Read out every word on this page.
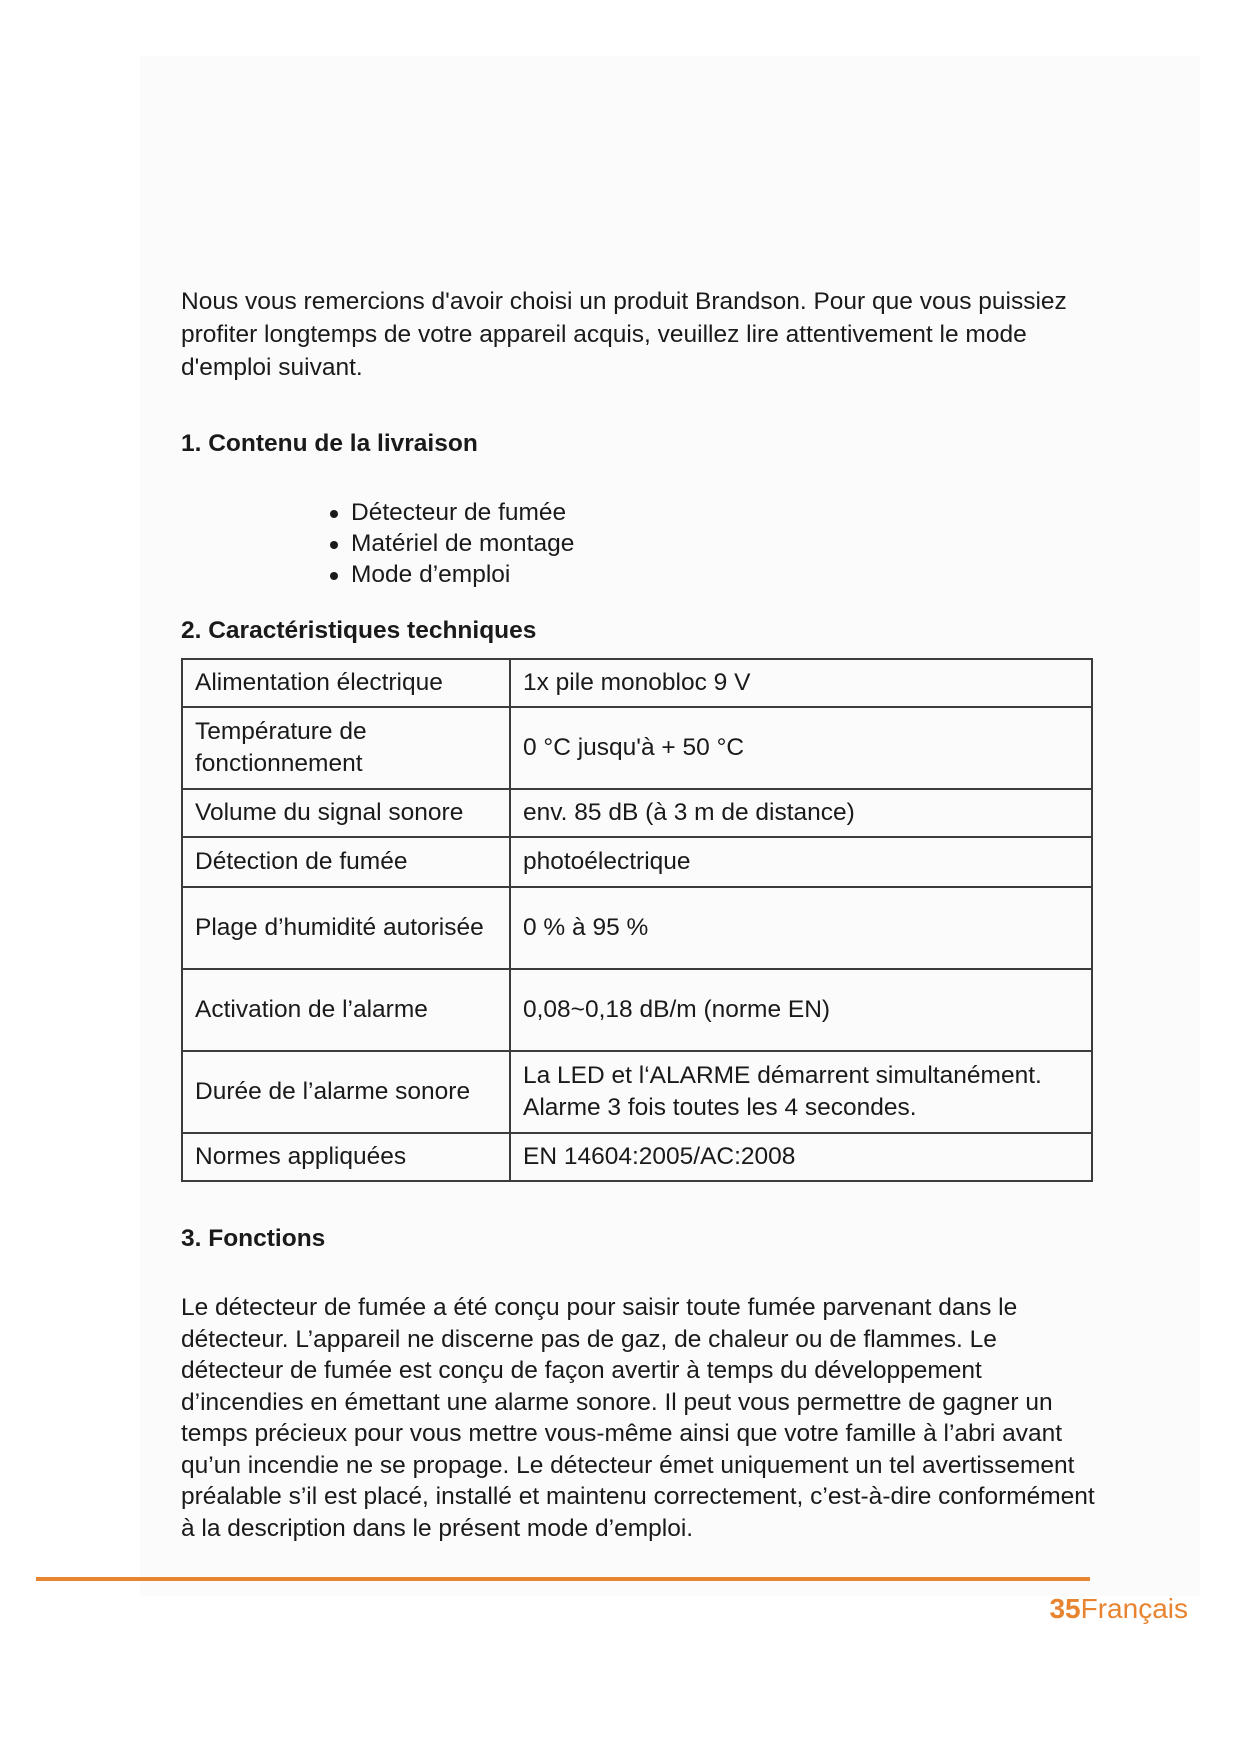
Nous vous remercions d'avoir choisi un produit Brandson. Pour que vous puissiez profiter longtemps de votre appareil acquis, veuillez lire attentivement le mode d'emploi suivant.

1. Contenu de la livraison
Détecteur de fumée
Matériel de montage
Mode d’emploi
2. Caractéristiques techniques
Alimentation électrique	1x pile monobloc 9 V
Température de fonctionnement	0 °C jusqu'à + 50 °C
Volume du signal sonore	env. 85 dB (à 3 m de distance)
Détection de fumée	photoélectrique
Plage d’humidité autorisée	0 % à 95 %
Activation de l’alarme	0,08~0,18 dB/m (norme EN)
Durée de l’alarme sonore	La LED et l‘ALARME démarrent simultanément. Alarme 3 fois toutes les 4 secondes.
Normes appliquées	EN 14604:2005/AC:2008
3. Fonctions

Le détecteur de fumée a été conçu pour saisir toute fumée parvenant dans le détecteur. L’appareil ne discerne pas de gaz, de chaleur ou de flammes. Le détecteur de fumée est conçu de façon avertir à temps du développement d’incendies en émettant une alarme sonore. Il peut vous permettre de gagner un temps précieux pour vous mettre vous-même ainsi que votre famille à l’abri avant qu’un incendie ne se propage. Le détecteur émet uniquement un tel avertissement préalable s’il est placé, installé et maintenu correctement, c’est-à-dire conformément à la description dans le présent mode d’emploi.

35Français
